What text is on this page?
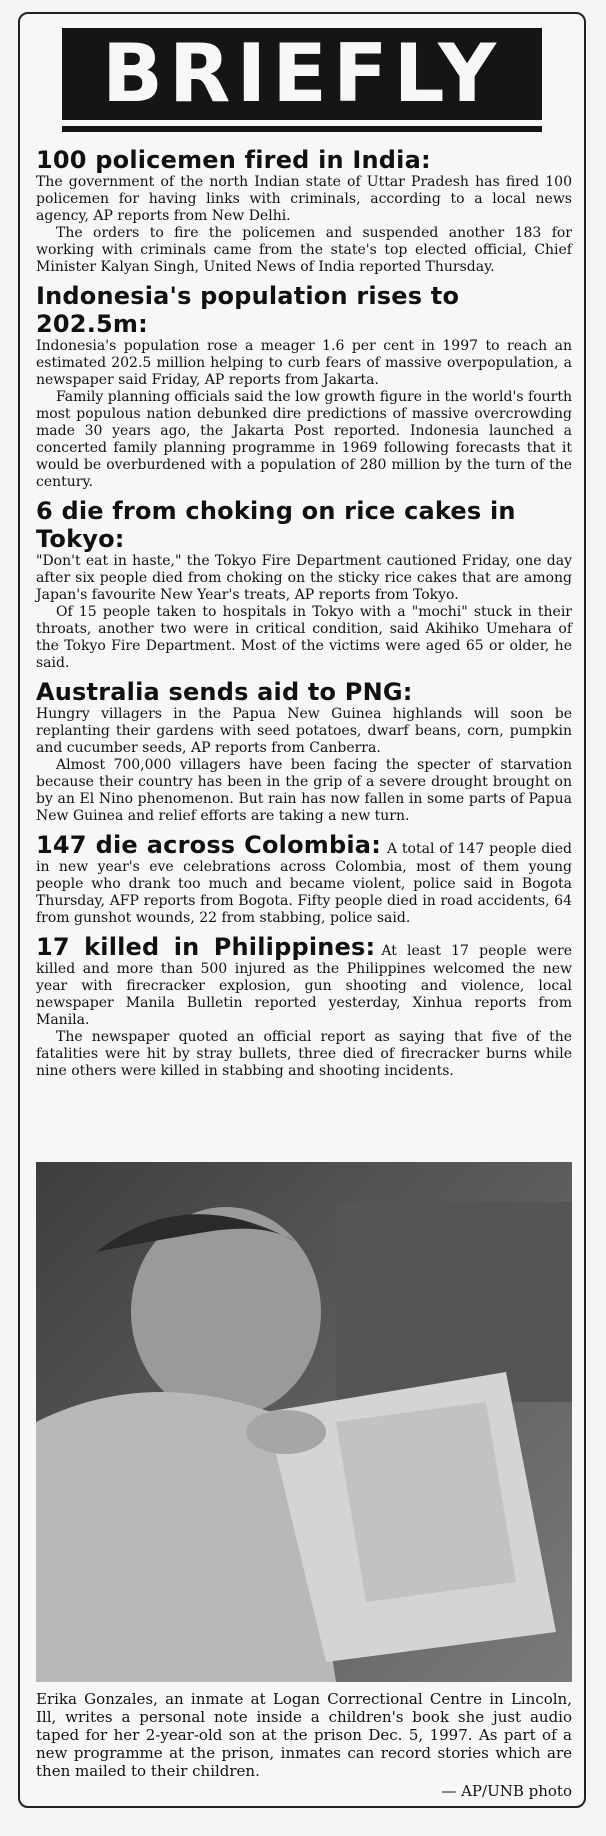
BRIEFLY
100 policemen fired in India:

The government of the north Indian state of Uttar Pradesh has fired 100 policemen for having links with criminals, according to a local news agency, AP reports from New Delhi.

The orders to fire the policemen and suspended another 183 for working with criminals came from the state's top elected official, Chief Minister Kalyan Singh, United News of India reported Thursday.

Indonesia's population rises to 202.5m:

Indonesia's population rose a meager 1.6 per cent in 1997 to reach an estimated 202.5 million helping to curb fears of massive overpopulation, a newspaper said Friday, AP reports from Jakarta.

Family planning officials said the low growth figure in the world's fourth most populous nation debunked dire predictions of massive overcrowding made 30 years ago, the Jakarta Post reported. Indonesia launched a concerted family planning programme in 1969 following forecasts that it would be overburdened with a population of 280 million by the turn of the century.

6 die from choking on rice cakes in Tokyo:

"Don't eat in haste," the Tokyo Fire Department cautioned Friday, one day after six people died from choking on the sticky rice cakes that are among Japan's favourite New Year's treats, AP reports from Tokyo.

Of 15 people taken to hospitals in Tokyo with a "mochi" stuck in their throats, another two were in critical condition, said Akihiko Umehara of the Tokyo Fire Department. Most of the victims were aged 65 or older, he said.

Australia sends aid to PNG:

Hungry villagers in the Papua New Guinea highlands will soon be replanting their gardens with seed potatoes, dwarf beans, corn, pumpkin and cucumber seeds, AP reports from Canberra.

Almost 700,000 villagers have been facing the specter of starvation because their country has been in the grip of a severe drought brought on by an El Nino phenomenon. But rain has now fallen in some parts of Papua New Guinea and relief efforts are taking a new turn.

147 die across Colombia: A total of 147 people died in new year's eve celebrations across Colombia, most of them young people who drank too much and became violent, police said in Bogota Thursday, AFP reports from Bogota. Fifty people died in road accidents, 64 from gunshot wounds, 22 from stabbing, police said.

17 killed in Philippines: At least 17 people were killed and more than 500 injured as the Philippines welcomed the new year with firecracker explosion, gun shooting and violence, local newspaper Manila Bulletin reported yesterday, Xinhua reports from Manila.

The newspaper quoted an official report as saying that five of the fatalities were hit by stray bullets, three died of firecracker burns while nine others were killed in stabbing and shooting incidents.

Erika Gonzales, an inmate at Logan Correctional Centre in Lincoln, Ill, writes a personal note inside a children's book she just audio taped for her 2-year-old son at the prison Dec. 5, 1997. As part of a new programme at the prison, inmates can record stories which are then mailed to their children.
— AP/UNB photo
